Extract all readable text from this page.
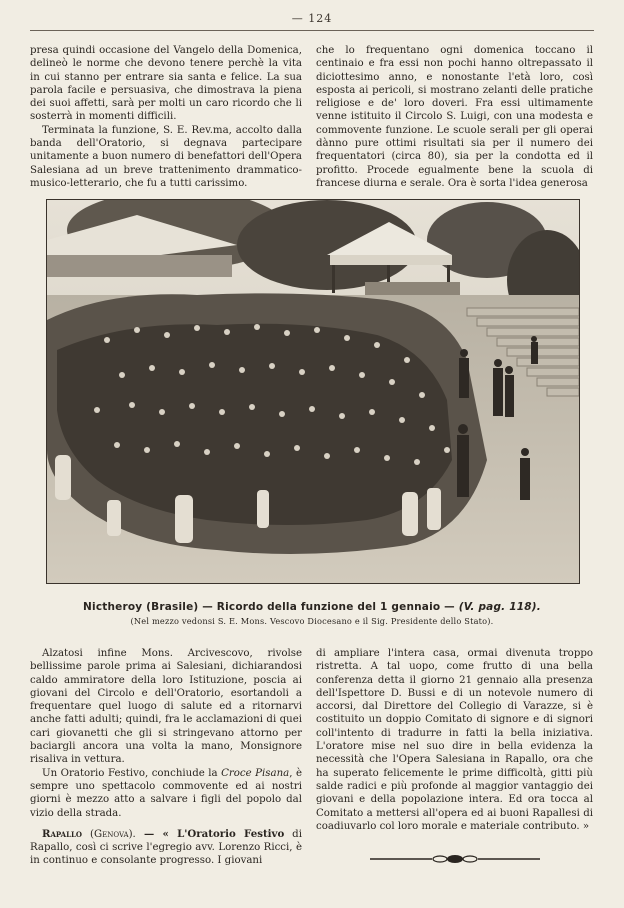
— 124

presa quindi occasione del Vangelo della Domenica, delineò le norme che devono tenere perchè la vita in cui stanno per entrare sia santa e felice. La sua parola facile e persuasiva, che dimostrava la piena dei suoi affetti, sarà per molti un caro ricordo che li sosterrà in momenti difficili.

Terminata la funzione, S. E. Rev.ma, accolto dalla banda dell'Oratorio, si degnava partecipare unitamente a buon numero di benefattori dell'Opera Salesiana ad un breve trattenimento drammatico-musico-letterario, che fu a tutti carissimo.

che lo frequentano ogni domenica toccano il centinaio e fra essi non pochi hanno oltrepassato il diciottesimo anno, e nonostante l'età loro, così esposta ai pericoli, si mostrano zelanti delle pratiche religiose e de' loro doveri. Fra essi ultimamente venne istituito il Circolo S. Luigi, con una modesta e commovente funzione. Le scuole serali per gli operai dànno pure ottimi risultati sia per il numero dei frequentatori (circa 80), sia per la condotta ed il profitto. Procede egualmente bene la scuola di francese diurna e serale. Ora è sorta l'idea generosa

Nictheroy (Brasile) — Ricordo della funzione del 1 gennaio — (V. pag. 118).
(Nel mezzo vedonsi S. E. Mons. Vescovo Diocesano e il Sig. Presidente dello Stato).

Alzatosi infine Mons. Arcivescovo, rivolse bellissime parole prima ai Salesiani, dichiarandosi caldo ammiratore della loro Istituzione, poscia ai giovani del Circolo e dell'Oratorio, esortandoli a frequentare quel luogo di salute ed a ritornarvi anche fatti adulti; quindi, fra le acclamazioni di quei cari giovanetti che gli si stringevano attorno per baciargli ancora una volta la mano, Monsignore risaliva in vettura.

Un Oratorio Festivo, conchiude la Croce Pisana, è sempre uno spettacolo commovente ed ai nostri giorni è mezzo atto a salvare i figli del popolo dal vizio della strada.

Rapallo (Genova). — « L'Oratorio Festivo di Rapallo, così ci scrive l'egregio avv. Lorenzo Ricci, è in continuo e consolante progresso. I giovani

di ampliare l'intera casa, ormai divenuta troppo ristretta. A tal uopo, come frutto di una bella conferenza detta il giorno 21 gennaio alla presenza dell'Ispettore D. Bussi e di un notevole numero di accorsi, dal Direttore del Collegio di Varazze, si è costituito un doppio Comitato di signore e di signori coll'intento di tradurre in fatti la bella iniziativa. L'oratore mise nel suo dire in bella evidenza la necessità che l'Opera Salesiana in Rapallo, ora che ha superato felicemente le prime difficoltà, gitti più salde radici e più profonde al maggior vantaggio dei giovani e della popolazione intera. Ed ora tocca al Comitato a mettersi all'opera ed ai buoni Rapallesi di coadiuvarlo col loro morale e materiale contributo. »
